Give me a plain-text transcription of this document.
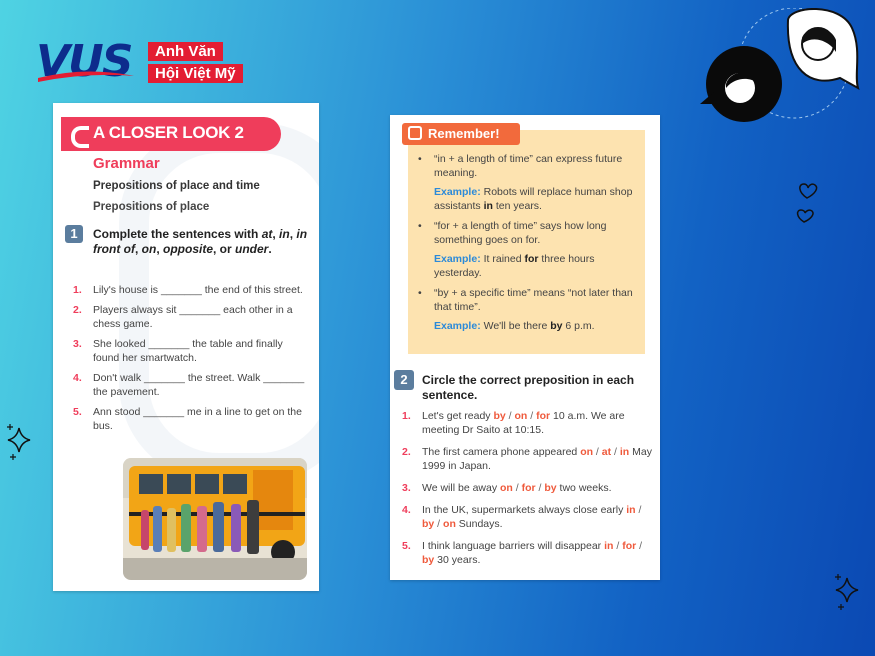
VUS	Anh Văn
Hội Việt Mỹ
A CLOSER LOOK 2
Grammar
Prepositions of place and time
Prepositions of place
1	Complete the sentences with at, in, in front of, on, opposite, or under.
1. Lily's house is _______ the end of this street.
2. Players always sit _______ each other in a chess game.
3. She looked _______ the table and finally found her smartwatch.
4. Don't walk _______ the street. Walk _______ the pavement.
5. Ann stood _______ me in a line to get on the bus.
• “in + a length of time” can express future meaning.
Example: Robots will replace human shop assistants in ten years.
• “for + a length of time” says how long something goes on for.
Example: It rained for three hours yesterday.
• “by + a specific time” means “not later than that time”.
Example: We'll be there by 6 p.m.
Remember!
2	Circle the correct preposition in each sentence.
1. Let's get ready by / on / for 10 a.m. We are meeting Dr Saito at 10:15.
2. The first camera phone appeared on / at / in May 1999 in Japan.
3. We will be away on / for / by two weeks.
4. In the UK, supermarkets always close early in / by / on Sundays.
5. I think language barriers will disappear in / for / by 30 years.
